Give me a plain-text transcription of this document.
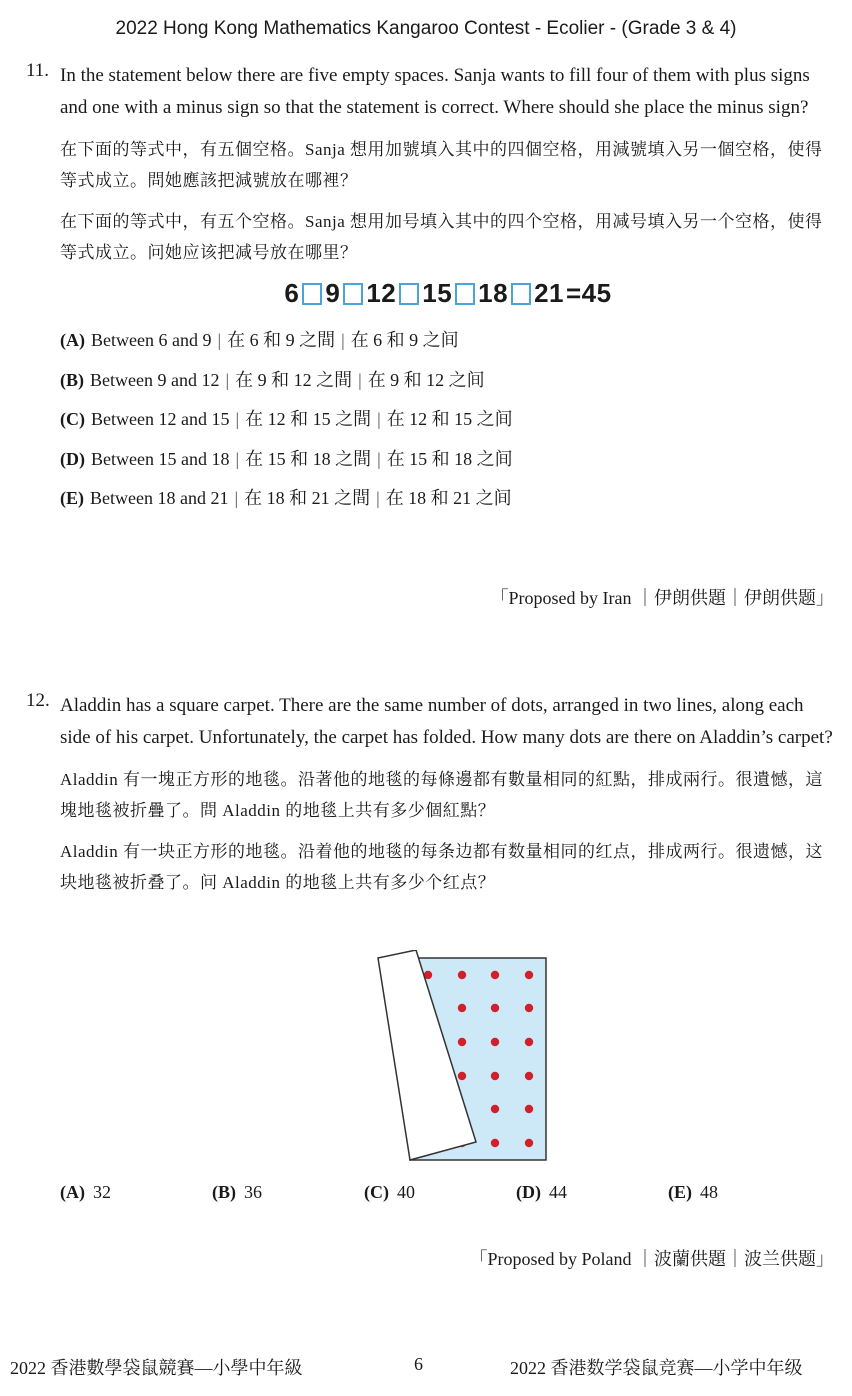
2022 Hong Kong Mathematics Kangaroo Contest - Ecolier - (Grade 3 & 4)
11. In the statement below there are five empty spaces. Sanja wants to fill four of them with plus signs and one with a minus sign so that the statement is correct. Where should she place the minus sign?

在下面的等式中，有五個空格。Sanja 想用加號填入其中的四個空格，用減號填入另一個空格，使得等式成立。問她應該把減號放在哪裡？

在下面的等式中，有五个空格。Sanja 想用加号填入其中的四个空格，用减号填入另一个空格，使得等式成立。问她应该把减号放在哪里？

6 9 12 15 18 21 =45
(A) Between 6 and 9 | 在 6 和 9 之間 | 在 6 和 9 之间
(B) Between 9 and 12 | 在 9 和 12 之間 | 在 9 和 12 之间
(C) Between 12 and 15 | 在 12 和 15 之間 | 在 12 和 15 之间
(D) Between 15 and 18 | 在 15 和 18 之間 | 在 15 和 18 之间
(E) Between 18 and 21 | 在 18 和 21 之間 | 在 18 和 21 之间
「Proposed by Iran ｜伊朗供題｜伊朗供题」
12. Aladdin has a square carpet. There are the same number of dots, arranged in two lines, along each side of his carpet. Unfortunately, the carpet has folded. How many dots are there on Aladdin’s carpet?

Aladdin 有一塊正方形的地毯。沿著他的地毯的每條邊都有數量相同的紅點，排成兩行。很遺憾，這塊地毯被折疊了。問 Aladdin 的地毯上共有多少個紅點？

Aladdin 有一块正方形的地毯。沿着他的地毯的每条边都有数量相同的红点，排成两行。很遗憾，这块地毯被折叠了。问 Aladdin 的地毯上共有多少个红点？

(A) 32	(B) 36	(C) 40	(D) 44	(E) 48
「Proposed by Poland ｜波蘭供題｜波兰供题」
2022 香港數學袋鼠競賽—小學中年級	6	2022 香港数学袋鼠竞赛—小学中年级
